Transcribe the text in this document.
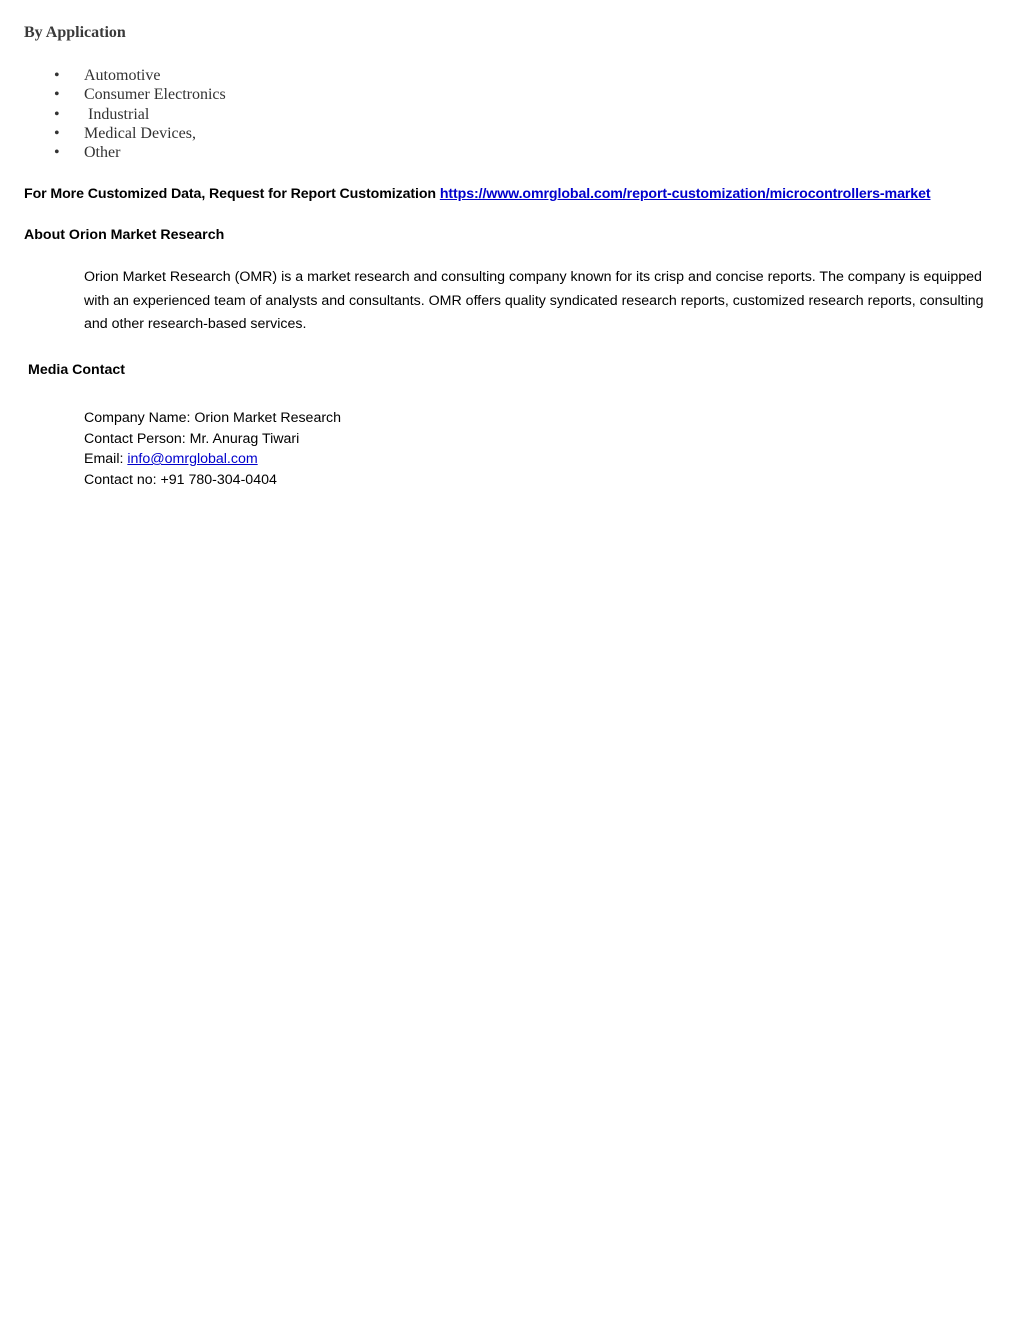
By Application
• Automotive
• Consumer Electronics
• Industrial
• Medical Devices,
• Other

For More Customized Data, Request for Report Customization https://www.omrglobal.com/report-customization/microcontrollers-market

About Orion Market Research

Orion Market Research (OMR) is a market research and consulting company known for its crisp and concise reports. The company is equipped with an experienced team of analysts and consultants. OMR offers quality syndicated research reports, customized research reports, consulting and other research-based services.

Media Contact
Company Name: Orion Market Research
Contact Person: Mr. Anurag Tiwari
Email: info@omrglobal.com
Contact no: +91 780-304-0404
